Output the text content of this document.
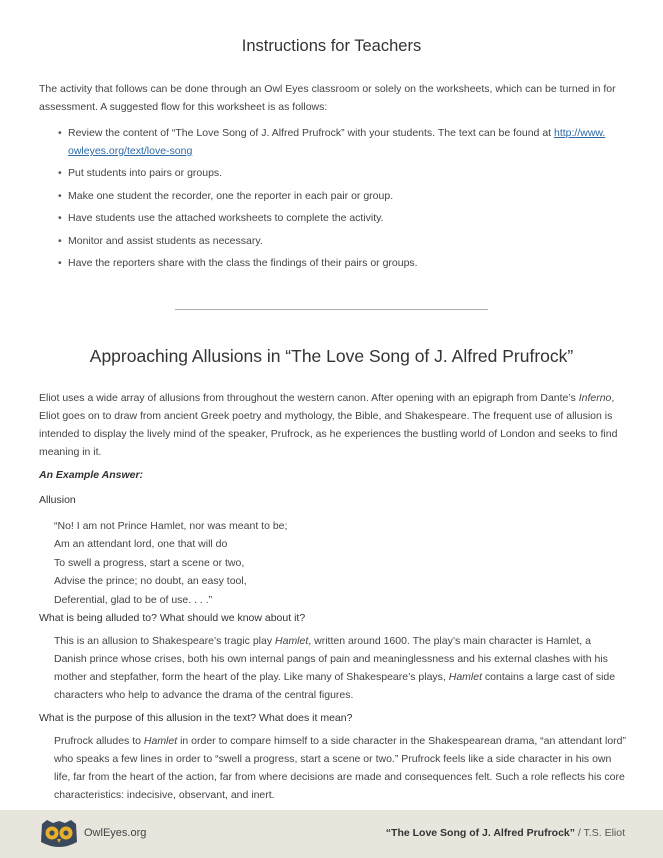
Instructions for Teachers

The activity that follows can be done through an Owl Eyes classroom or solely on the worksheets, which can be turned in for assessment. A suggested flow for this worksheet is as follows:

• Review the content of “The Love Song of J. Alfred Prufrock” with your students. The text can be found at http://www.
owleyes.org/text/love-song
• Put students into pairs or groups.
• Make one student the recorder, one the reporter in each pair or group.
• Have students use the attached worksheets to complete the activity.
• Monitor and assist students as necessary.
• Have the reporters share with the class the findings of their pairs or groups.
Approaching Allusions in “The Love Song of J. Alfred Prufrock”

Eliot uses a wide array of allusions from throughout the western canon. After opening with an epigraph from Dante’s Inferno, Eliot goes on to draw from ancient Greek poetry and mythology, the Bible, and Shakespeare. The frequent use of allusion is intended to display the lively mind of the speaker, Prufrock, as he experiences the bustling world of London and seeks to find meaning in it.

An Example Answer:
Allusion

“No! I am not Prince Hamlet, nor was meant to be;

Am an attendant lord, one that will do

To swell a progress, start a scene or two,

Advise the prince; no doubt, an easy tool,

Deferential, glad to be of use. . . .”

What is being alluded to? What should we know about it?

This is an allusion to Shakespeare’s tragic play Hamlet, written around 1600. The play’s main character is Hamlet, a Danish prince whose crises, both his own internal pangs of pain and meaninglessness and his external clashes with his mother and stepfather, form the heart of the play. Like many of Shakespeare’s plays, Hamlet contains a large cast of side characters who help to advance the drama of the central figures.

What is the purpose of this allusion in the text? What does it mean?

Prufrock alludes to Hamlet in order to compare himself to a side character in the Shakespearean drama, “an attendant lord” who speaks a few lines in order to “swell a progress, start a scene or two.” Prufrock feels like a side character in his own life, far from the heart of the action, far from where decisions are made and consequences felt. Such a role reflects his core characteristics: indecisive, observant, and inert.

OwlEyes.org	“The Love Song of J. Alfred Prufrock” / T.S. Eliot
